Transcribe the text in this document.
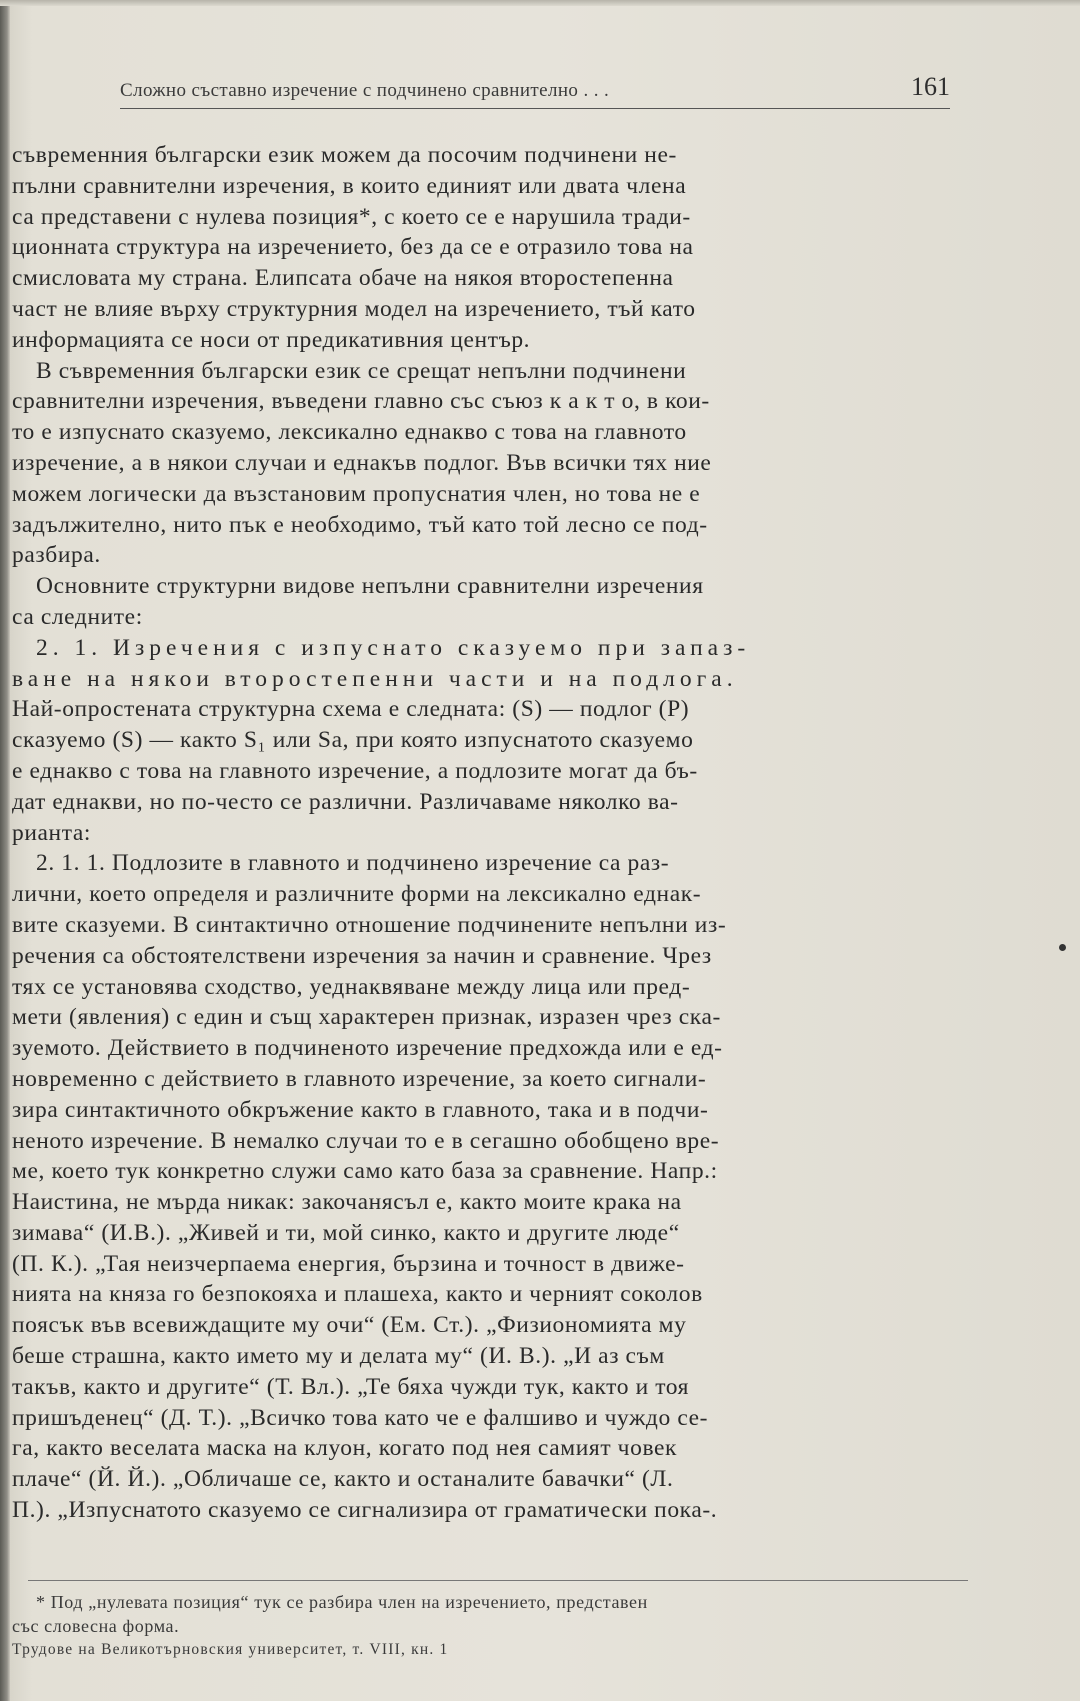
Сложно съставно изречение с подчинено сравнително . . .	161
съвременния български език можем да посочим подчинени не-
пълни сравнителни изречения, в които единият или двата члена
са представени с нулева позиция*, с което се е нарушила тради-
ционната структура на изречението, без да се е отразило това на
смисловата му страна. Елипсата обаче на някоя второстепенна
част не влияе върху структурния модел на изречението, тъй като
информацията се носи от предикативния център.
В съвременния български език се срещат непълни подчинени
сравнителни изречения, въведени главно със съюз к а к т о, в кои-
то е изпуснато сказуемо, лексикално еднакво с това на главното
изречение, а в някои случаи и еднакъв подлог. Във всички тях ние
можем логически да възстановим пропуснатия член, но това не е
задължително, нито пък е необходимо, тъй като той лесно се под-
разбира.
Основните структурни видове непълни сравнителни изречения
са следните:
2. 1. Изречения с изпуснато сказуемо при запаз-
ване на някои второстепенни части и на подлога.
Най-опростената структурна схема е следната: (S) — подлог (P)
сказуемо (S) — както S₁ или Sa, при която изпуснатото сказуемо
е еднакво с това на главното изречение, а подлозите могат да бъ-
дат еднакви, но по-често се различни. Различаваме няколко ва-
рианта:
2. 1. 1. Подлозите в главното и подчинено изречение са раз-
лични, което определя и различните форми на лексикално еднак-
вите сказуеми. В синтактично отношение подчинените непълни из-
речения са обстоятелствени изречения за начин и сравнение. Чрез
тях се установява сходство, уеднаквяване между лица или пред-
мети (явления) с един и същ характерен признак, изразен чрез ска-
зуемото. Действието в подчиненото изречение предхожда или е ед-
новременно с действието в главното изречение, за което сигнали-
зира синтактичното обкръжение както в главното, така и в подчи-
неното изречение. В немалко случаи то е в сегашно обобщено вре-
ме, което тук конкретно служи само като база за сравнение. Напр.:
Наистина, не мърда никак: закочанясъл е, както моите крака на
зимава“ (И.В.). „Живей и ти, мой синко, както и другите люде“
(П. К.). „Тая неизчерпаема енергия, бързина и точност в движе-
нията на княза го безпокояха и плашеха, както и черният соколов
поясък във всевиждащите му очи“ (Ем. Ст.). „Физиономията му
беше страшна, както името му и делата му“ (И. В.). „И аз съм
такъв, както и другите“ (Т. Вл.). „Те бяха чужди тук, както и тоя
пришъденец“ (Д. Т.). „Всичко това като че е фалшиво и чуждо се-
га, както веселата маска на клуон, когато под нея самият човек
плаче“ (Й. Й.). „Обличаше се, както и останалите бавачки“ (Л.
П.). „Изпуснатото сказуемо се сигнализира от граматически пока-.
* Под „нулевата позиция“ тук се разбира член на изречението, представен
със словесна форма.
Трудове на Великотърновския университет, т. VIII, кн. 1
